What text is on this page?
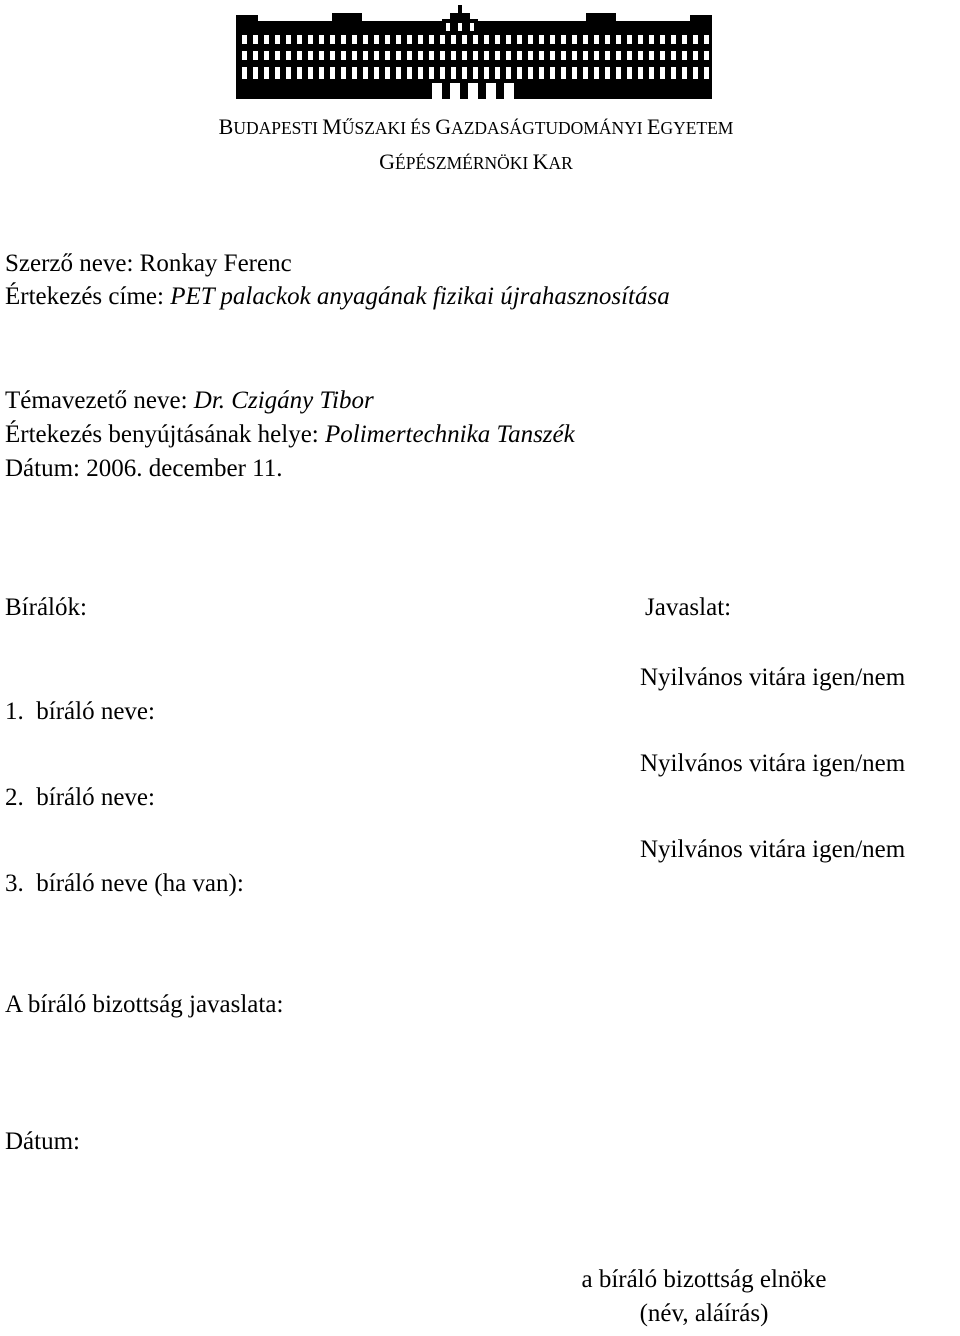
BUDAPESTI MŰSZAKI ÉS GAZDASÁGTUDOMÁNYI EGYETEM
GÉPÉSZMÉRNÖKI KAR
Szerző neve: Ronkay Ferenc
Értekezés címe: PET palackok anyagának fizikai újrahasznosítása
Témavezető neve: Dr. Czigány Tibor
Értekezés benyújtásának helye: Polimertechnika Tanszék
Dátum: 2006. december 11.
Bírálók:	Javaslat:
Nyilvános vitára igen/nem
1.  bíráló neve:
Nyilvános vitára igen/nem
2.  bíráló neve:
Nyilvános vitára igen/nem
3.  bíráló neve (ha van):
A bíráló bizottság javaslata:
Dátum:
a bíráló bizottság elnöke
(név, aláírás)
